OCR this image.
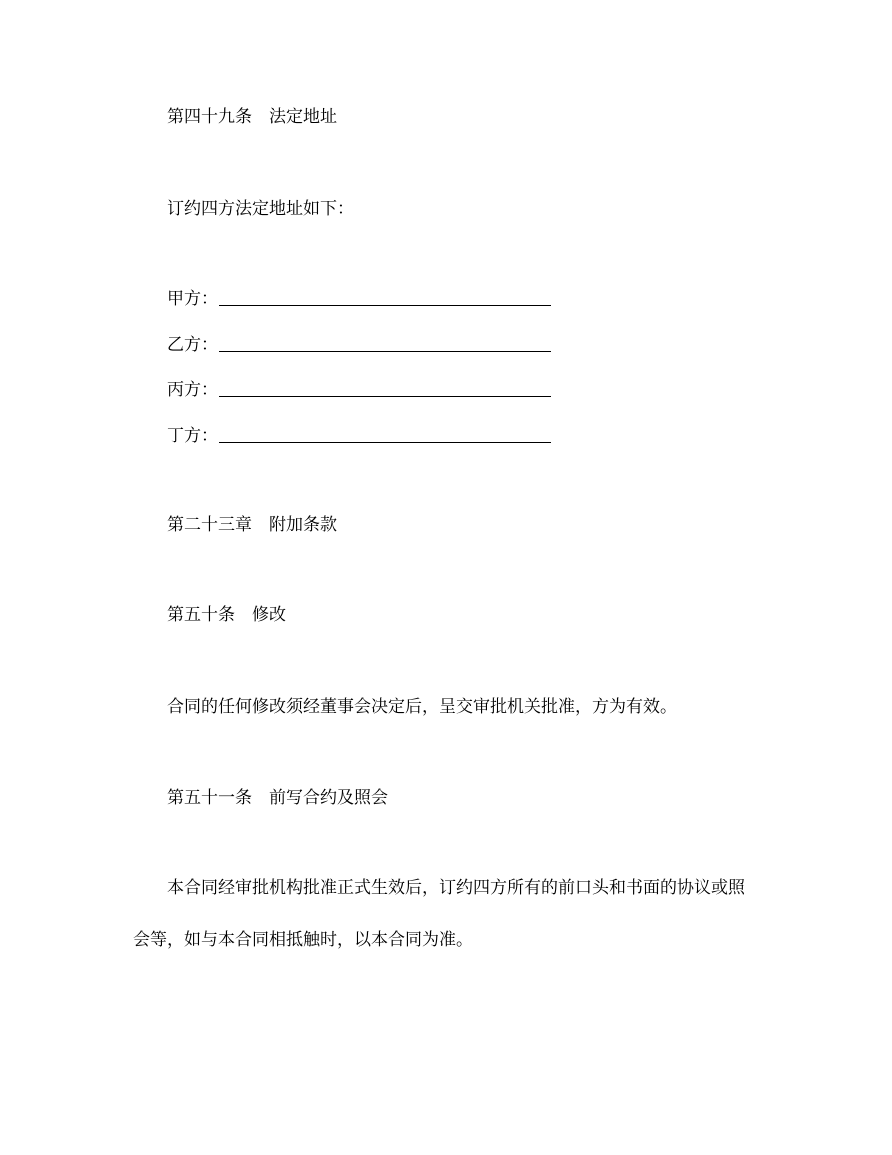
第四十九条 法定地址
订约四方法定地址如下：
甲方：
乙方：
丙方：
丁方：
第二十三章 附加条款
第五十条 修改
合同的任何修改须经董事会决定后，呈交审批机关批准，方为有效。
第五十一条 前写合约及照会
本合同经审批机构批准正式生效后，订约四方所有的前口头和书面的协议或照
会等，如与本合同相抵触时，以本合同为准。
